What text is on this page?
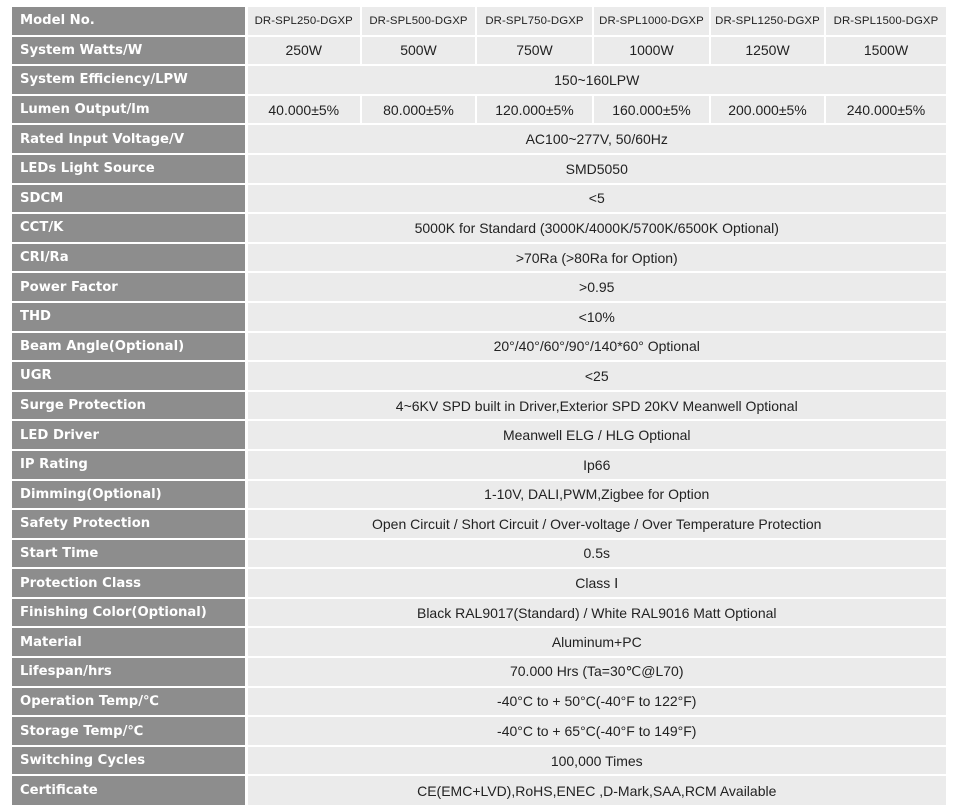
Model No.	DR-SPL250-DGXP	DR-SPL500-DGXP	DR-SPL750-DGXP	DR-SPL1000-DGXP	DR-SPL1250-DGXP	DR-SPL1500-DGXP
System Watts/W	250W	500W	750W	1000W	1250W	1500W
System Efficiency/LPW	150~160LPW					
Lumen Output/lm	40.000±5%	80.000±5%	120.000±5%	160.000±5%	200.000±5%	240.000±5%
Rated Input Voltage/V	AC100~277V, 50/60Hz					
LEDs Light Source	SMD5050					
SDCM	<5					
CCT/K	5000K for Standard (3000K/4000K/5700K/6500K Optional)					
CRI/Ra	>70Ra (>80Ra for Option)					
Power Factor	>0.95					
THD	<10%					
Beam Angle(Optional)	20°/40°/60°/90°/140*60° Optional					
UGR	<25					
Surge Protection	4~6KV SPD built in Driver,Exterior SPD 20KV Meanwell Optional					
LED Driver	Meanwell ELG / HLG Optional					
IP Rating	Ip66					
Dimming(Optional)	1-10V, DALI,PWM,Zigbee for Option					
Safety Protection	Open Circuit / Short Circuit / Over-voltage / Over Temperature Protection					
Start Time	0.5s					
Protection Class	Class Ⅰ					
Finishing Color(Optional)	Black RAL9017(Standard) / White RAL9016 Matt Optional					
Material	Aluminum+PC					
Lifespan/hrs	70.000 Hrs (Ta=30℃@L70)					
Operation Temp/℃	-40°C to + 50°C(-40°F to 122°F)					
Storage Temp/℃	-40°C to + 65°C(-40°F to 149°F)					
Switching Cycles	100,000 Times					
Certificate	CE(EMC+LVD),RoHS,ENEC ,D-Mark,SAA,RCM Available					
